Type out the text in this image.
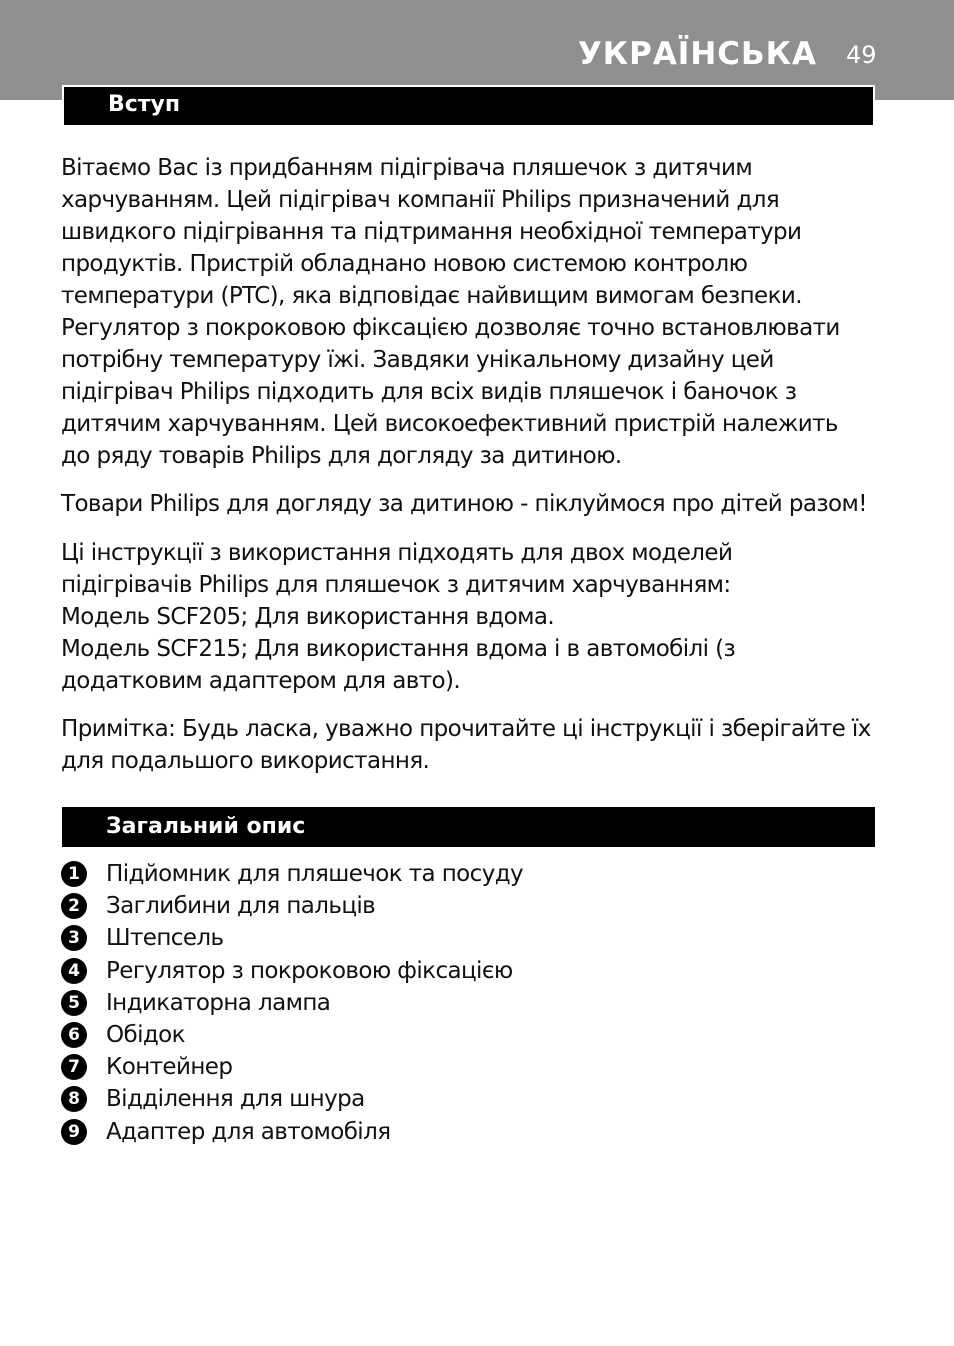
УКРАЇНСЬКА 49
Вступ

Вітаємо Вас із придбанням підігрівача пляшечок з дитячим
харчуванням. Цей підігрівач компанії Philips призначений для
швидкого підігрівання та підтримання необхідної температури
продуктів. Пристрій обладнано новою системою контролю
температури (PTC), яка відповідає найвищим вимогам безпеки.
Регулятор з покроковою фіксацією дозволяє точно встановлювати
потрібну температуру їжі. Завдяки унікальному дизайну цей
підігрівач Philips підходить для всіх видів пляшечок і баночок з
дитячим харчуванням. Цей високоефективний пристрій належить
до ряду товарів Philips для догляду за дитиною.

Товари Philips для догляду за дитиною - піклуймося про дітей разом!

Ці інструкції з використання підходять для двох моделей
підігрівачів Philips для пляшечок з дитячим харчуванням:
Модель SCF205; Для використання вдома.
Модель SCF215; Для використання вдома і в автомобілі (з
додатковим адаптером для авто).

Примітка: Будь ласка, уважно прочитайте ці інструкції і зберігайте їх
для подальшого використання.

Загальний опис
1	Підйомник для пляшечок та посуду
2	Заглибини для пальців
3	Штепсель
4	Регулятор з покроковою фіксацією
5	Індикаторна лампа
6	Обідок
7	Контейнер
8	Відділення для шнура
9	Адаптер для автомобіля
